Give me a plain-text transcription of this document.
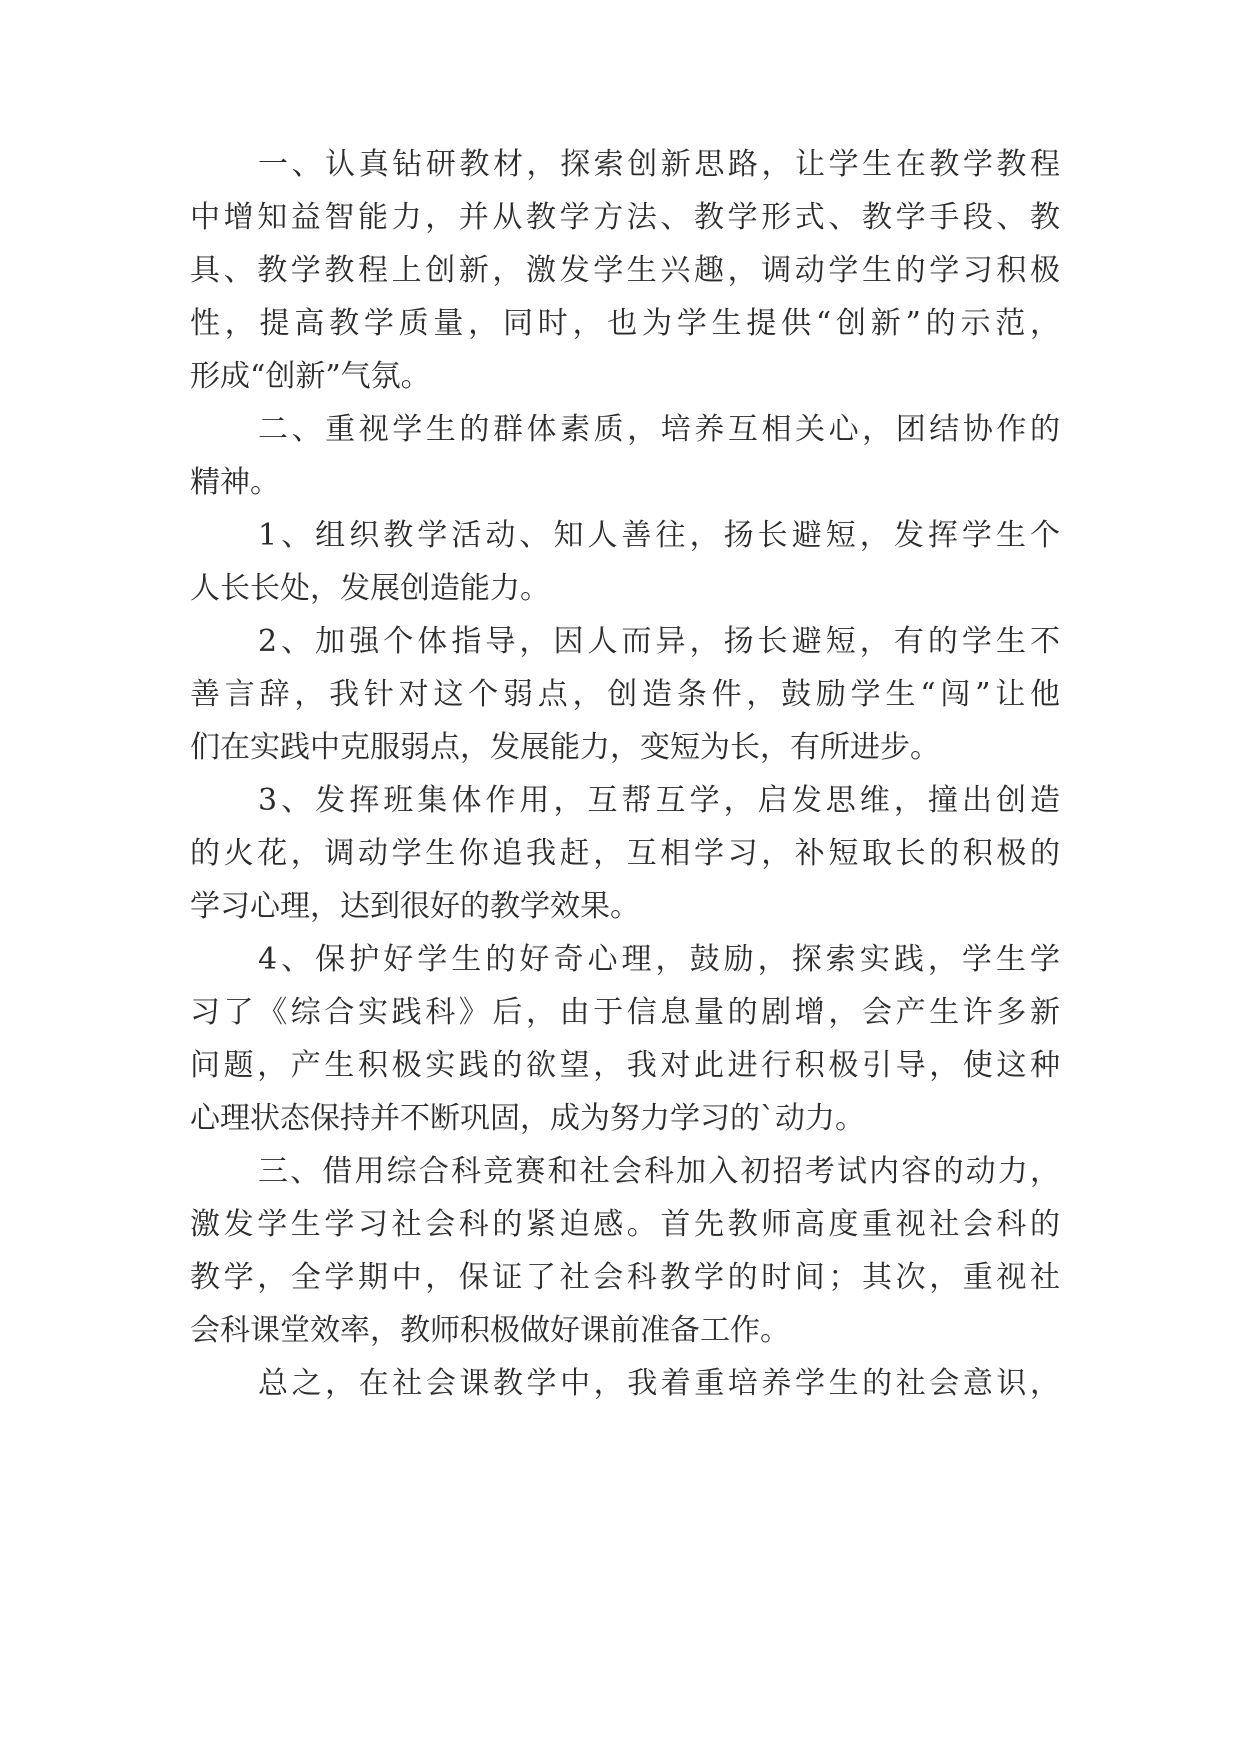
一、认真钻研教材，探索创新思路，让学生在教学教程
中增知益智能力，并从教学方法、教学形式、教学手段、教
具、教学教程上创新，激发学生兴趣，调动学生的学习积极
性，提高教学质量，同时，也为学生提供“创新”的示范，
形成“创新”气氛。
二、重视学生的群体素质，培养互相关心，团结协作的
精神。
1、组织教学活动、知人善往，扬长避短，发挥学生个
人长长处，发展创造能力。
2、加强个体指导，因人而异，扬长避短，有的学生不
善言辞，我针对这个弱点，创造条件，鼓励学生“闯”让他
们在实践中克服弱点，发展能力，变短为长，有所进步。
3、发挥班集体作用，互帮互学，启发思维，撞出创造
的火花，调动学生你追我赶，互相学习，补短取长的积极的
学习心理，达到很好的教学效果。
4、保护好学生的好奇心理，鼓励，探索实践，学生学
习了《综合实践科》后，由于信息量的剧增，会产生许多新
问题，产生积极实践的欲望，我对此进行积极引导，使这种
心理状态保持并不断巩固，成为努力学习的`动力。
三、借用综合科竞赛和社会科加入初招考试内容的动力，
激发学生学习社会科的紧迫感。首先教师高度重视社会科的
教学，全学期中，保证了社会科教学的时间；其次，重视社
会科课堂效率，教师积极做好课前准备工作。
总之，在社会课教学中，我着重培养学生的社会意识，
